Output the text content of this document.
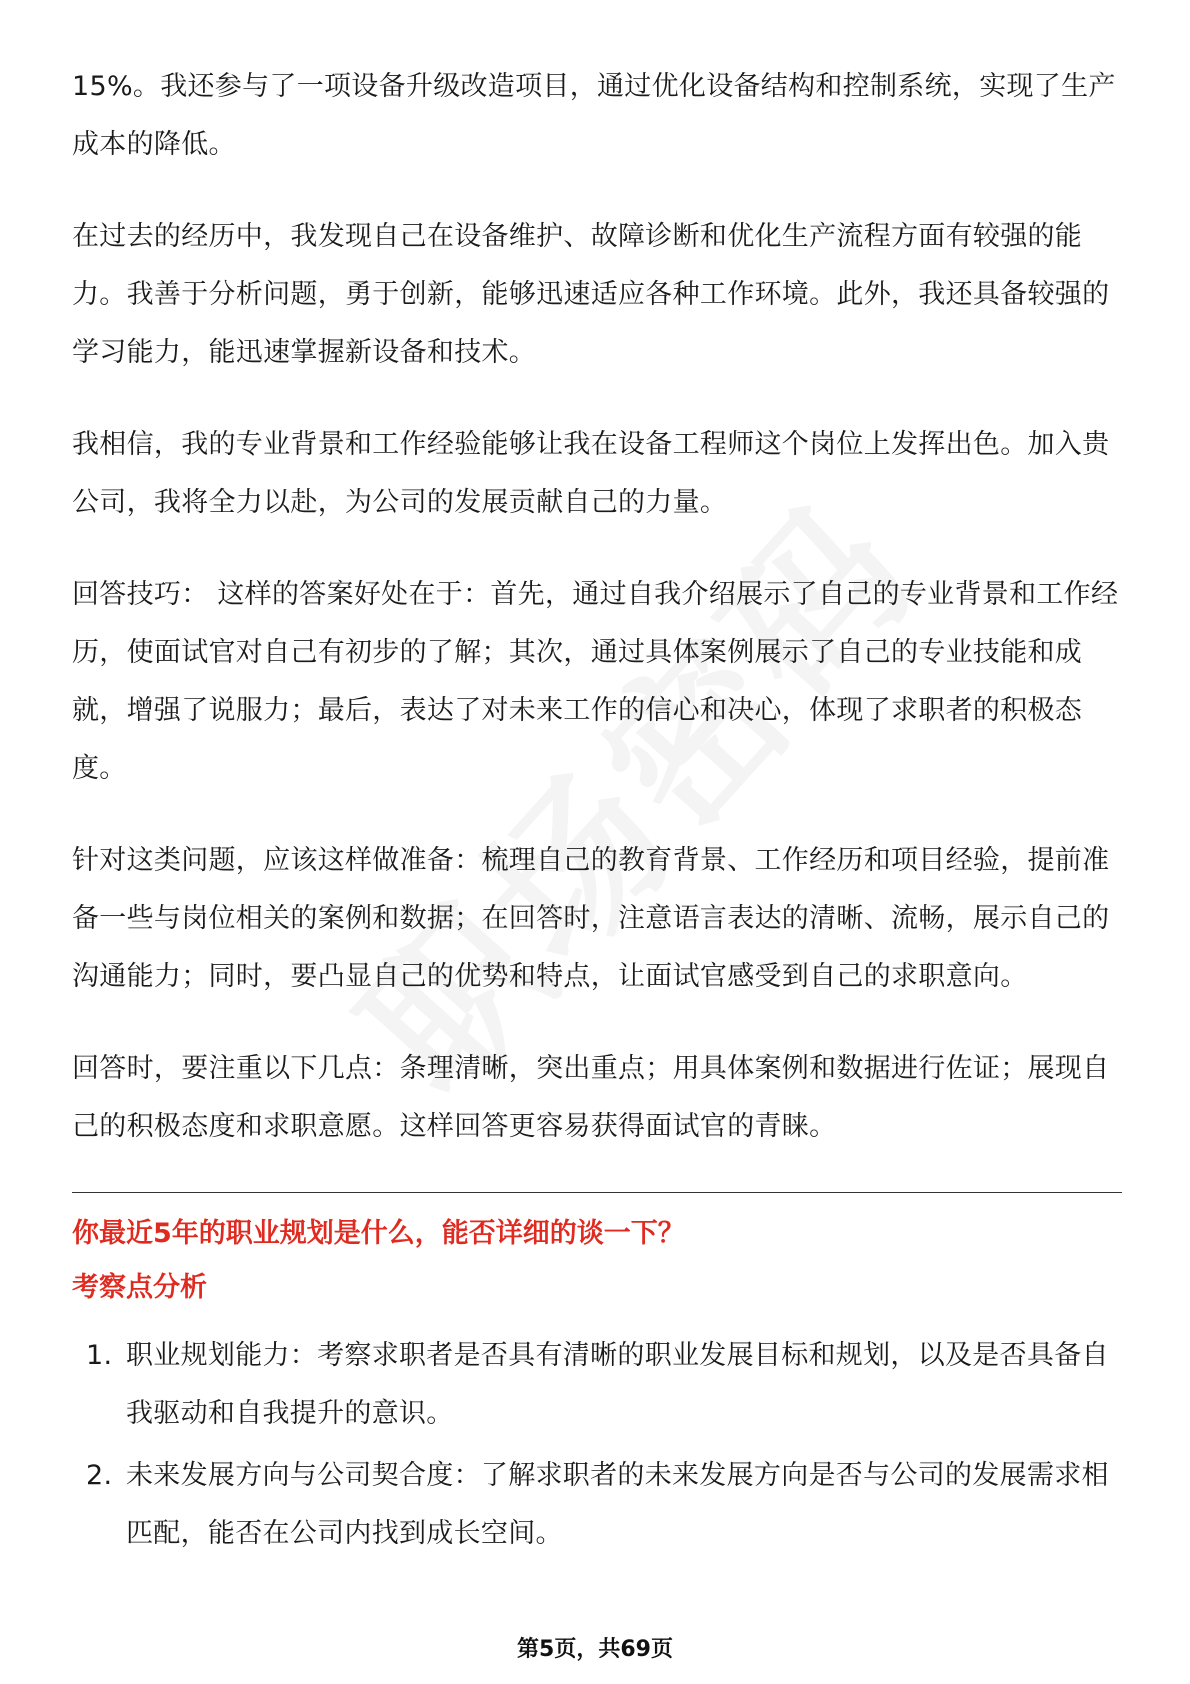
15%。我还参与了一项设备升级改造项目，通过优化设备结构和控制系统，实现了生产成本的降低。

在过去的经历中，我发现自己在设备维护、故障诊断和优化生产流程方面有较强的能力。我善于分析问题，勇于创新，能够迅速适应各种工作环境。此外，我还具备较强的学习能力，能迅速掌握新设备和技术。

我相信，我的专业背景和工作经验能够让我在设备工程师这个岗位上发挥出色。加入贵公司，我将全力以赴，为公司的发展贡献自己的力量。

回答技巧： 这样的答案好处在于：首先，通过自我介绍展示了自己的专业背景和工作经历，使面试官对自己有初步的了解；其次，通过具体案例展示了自己的专业技能和成就，增强了说服力；最后，表达了对未来工作的信心和决心，体现了求职者的积极态度。

针对这类问题，应该这样做准备：梳理自己的教育背景、工作经历和项目经验，提前准备一些与岗位相关的案例和数据；在回答时，注意语言表达的清晰、流畅，展示自己的沟通能力；同时，要凸显自己的优势和特点，让面试官感受到自己的求职意向。

回答时，要注重以下几点：条理清晰，突出重点；用具体案例和数据进行佐证；展现自己的积极态度和求职意愿。这样回答更容易获得面试官的青睐。

你最近5年的职业规划是什么，能否详细的谈一下？
考察点分析
1. 职业规划能力：考察求职者是否具有清晰的职业发展目标和规划，以及是否具备自我驱动和自我提升的意识。
2. 未来发展方向与公司契合度：了解求职者的未来发展方向是否与公司的发展需求相匹配，能否在公司内找到成长空间。
第5页，共69页
